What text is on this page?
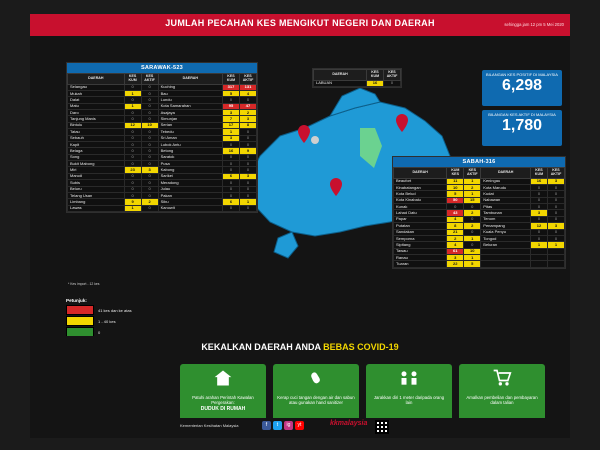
JUMLAH PECAHAN KES MENGIKUT NEGERI DAN DAERAH	sehingga jam 12 pm 5 Mei 2020
SARAWAK-523
DAERAH	KES KUM	KES AKTIF	DAERAH	KES KUM	KES AKTIF
Selangau	0	0	Kuching	317	131
Mukah	1	0	Bau	5	4
Dalat	0	0	Lundu	0	0
Matu	1	0	Kota Samarahan	95	47
Daro	0	0	Asajaya	3	2
Tanjung Manis	0	0	Simunjan	7	3
Bintulu	12	10	Serian	17	8
Tatau	0	0	Tebedu	1	0
Sebauh	0	0	Sri Aman	3	0
Kapit	0	0	Lubok Antu	0	0
Belaga	0	0	Betong	16	9
Song	0	0	Saratok	0	0
Bukit Mabong	0	0	Pusa	0	0
Miri	23	3	Kabong	0	0
Marudi	0	0	Sarikei	6	3
Subis	0	0	Meradong	0	0
Beluru	0	0	Julau	0	0
Telang Usan	0	0	Pakan	0	0
Limbang	9	2	Sibu	6	1
Lawas	1	0	Kanowit	0	0
* Kes import - 12 kes
DAERAH	KES KUM	KES AKTIF
LABUAN	16	0
SABAH-316
DAERAH	KUM KES	KES AKTIF	DAERAH	KES KUM	KES AKTIF
Beaufort	11	1	Keningau	16	3
Kinabatangan	10	2	Kota Marudu	0	0
Kota Belud	5	1	Kudat	0	0
Kota Kinabalu	50	15	Nabawan	0	0
Kunak	0	0	Pitas	0	0
Lahad Datu	43	2	Tambunan	3	0
Papar	4	0	Tenom	0	0
Putatan	8	2	Penampang	12	3
Sandakan	21	0	Kuala Penyu	0	0
Semporna	2	1	Tongod	0	0
Sipitang	4	0	Beluran	1	1
Tawau	61	10			
Ranau	3	1			
Tuaran	22	5			
BILANGAN KES POSITIF DI MALAYSIA
6,298
BILANGAN KES AKTIF DI MALAYSIA
1,780
Petunjuk:
41 kes dan ke atas
1 - 40 kes
0
KEKALKAN DAERAH ANDA BEBAS COVID-19
Patuhi arahan Perintah Kawalan Pergerakan:
DUDUK DI RUMAH
Kerap cuci tangan dengan air dan sabun atau gunakan hand sanitizer
Jarakkan diri 1 meter daripada orang lain
Amalkan pembelian dan pembayaran dalam talian
Kementerian Kesihatan Malaysia	f	t	ig	yt	kkmalaysia
